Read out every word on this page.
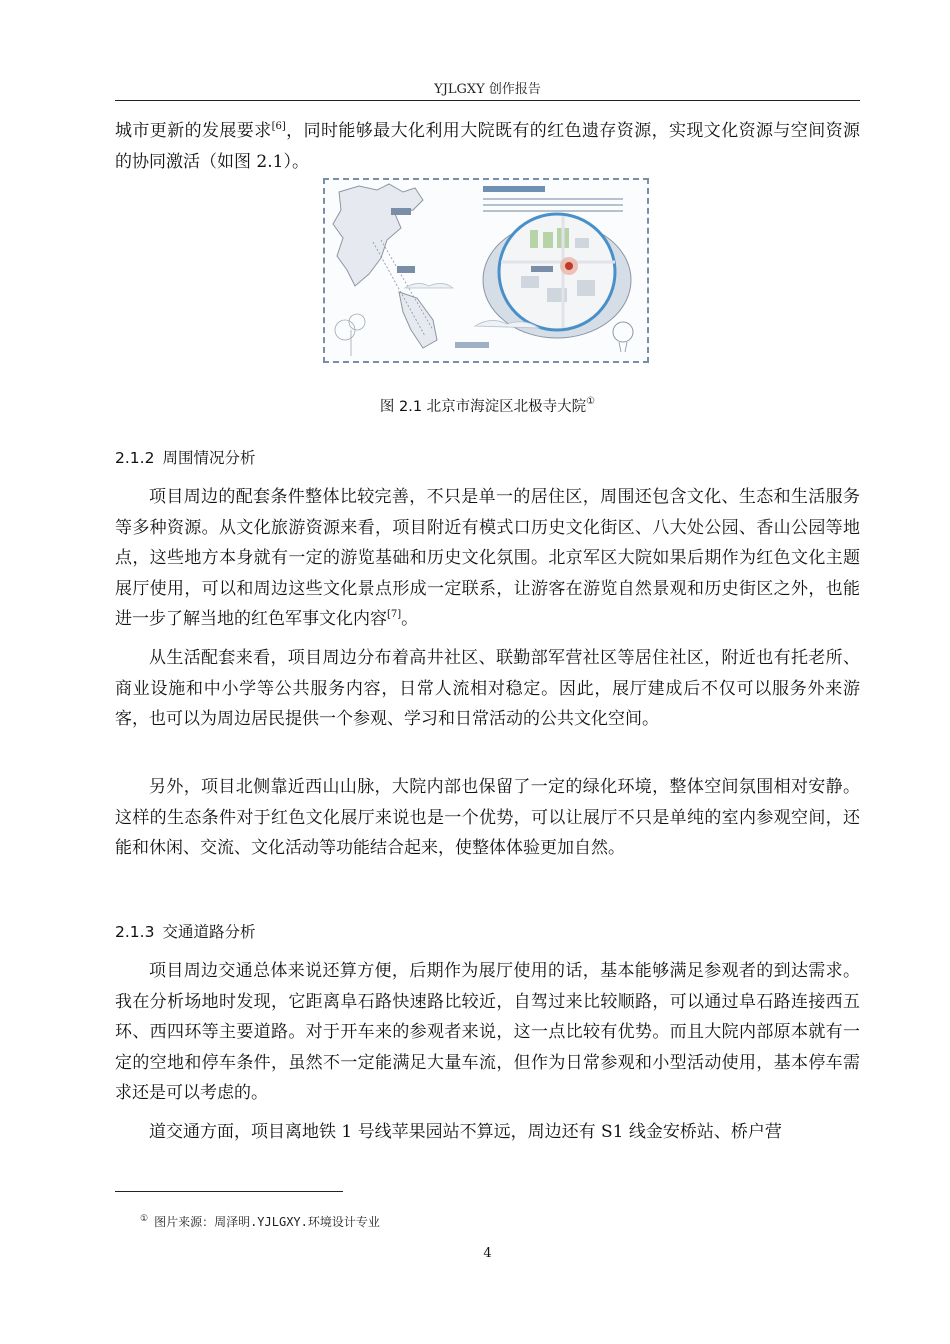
YJLGXY 创作报告

城市更新的发展要求[6]，同时能够最大化利用大院既有的红色遗存资源，实现文化资源与空间资源的协同激活（如图 2.1）。

图 2.1 北京市海淀区北极寺大院①
2.1.2 周围情况分析

项目周边的配套条件整体比较完善，不只是单一的居住区，周围还包含文化、生态和生活服务等多种资源。从文化旅游资源来看，项目附近有模式口历史文化街区、八大处公园、香山公园等地点，这些地方本身就有一定的游览基础和历史文化氛围。北京军区大院如果后期作为红色文化主题展厅使用，可以和周边这些文化景点形成一定联系，让游客在游览自然景观和历史街区之外，也能进一步了解当地的红色军事文化内容[7]。

从生活配套来看，项目周边分布着高井社区、联勤部军营社区等居住社区，附近也有托老所、商业设施和中小学等公共服务内容，日常人流相对稳定。因此，展厅建成后不仅可以服务外来游客，也可以为周边居民提供一个参观、学习和日常活动的公共文化空间。

另外，项目北侧靠近西山山脉，大院内部也保留了一定的绿化环境，整体空间氛围相对安静。这样的生态条件对于红色文化展厅来说也是一个优势，可以让展厅不只是单纯的室内参观空间，还能和休闲、交流、文化活动等功能结合起来，使整体体验更加自然。

2.1.3 交通道路分析

项目周边交通总体来说还算方便，后期作为展厅使用的话，基本能够满足参观者的到达需求。我在分析场地时发现，它距离阜石路快速路比较近，自驾过来比较顺路，可以通过阜石路连接西五环、西四环等主要道路。对于开车来的参观者来说，这一点比较有优势。而且大院内部原本就有一定的空地和停车条件，虽然不一定能满足大量车流，但作为日常参观和小型活动使用，基本停车需求还是可以考虑的。

道交通方面，项目离地铁 1 号线苹果园站不算远，周边还有 S1 线金安桥站、桥户营

① 图片来源：周泽明.YJLGXY.环境设计专业
4
